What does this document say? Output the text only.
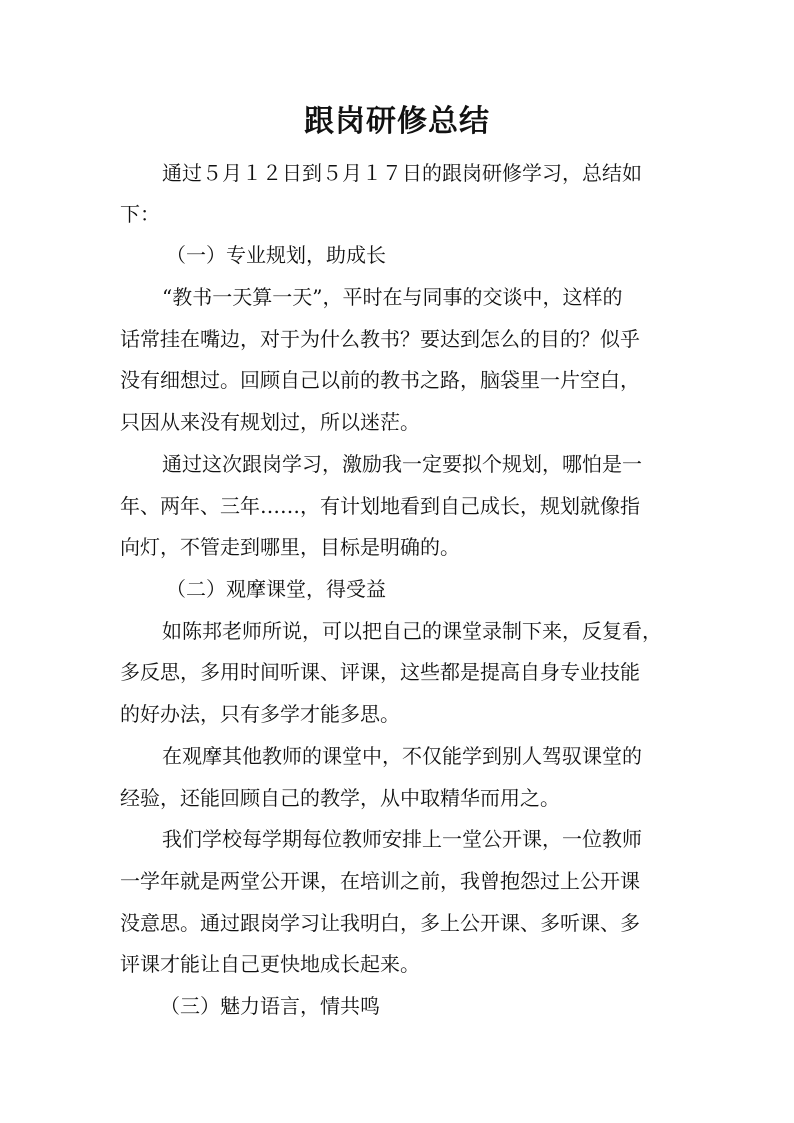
跟岗研修总结
通过５月１２日到５月１７日的跟岗研修学习，总结如
下：
（一）专业规划，助成长
“教书一天算一天”，平时在与同事的交谈中，这样的
话常挂在嘴边，对于为什么教书？要达到怎么的目的？似乎
没有细想过。回顾自己以前的教书之路，脑袋里一片空白，
只因从来没有规划过，所以迷茫。
通过这次跟岗学习，激励我一定要拟个规划，哪怕是一
年、两年、三年……，有计划地看到自己成长，规划就像指
向灯，不管走到哪里，目标是明确的。
（二）观摩课堂，得受益
如陈邦老师所说，可以把自己的课堂录制下来，反复看，
多反思，多用时间听课、评课，这些都是提高自身专业技能
的好办法，只有多学才能多思。
在观摩其他教师的课堂中，不仅能学到别人驾驭课堂的
经验，还能回顾自己的教学，从中取精华而用之。
我们学校每学期每位教师安排上一堂公开课，一位教师
一学年就是两堂公开课，在培训之前，我曾抱怨过上公开课
没意思。通过跟岗学习让我明白，多上公开课、多听课、多
评课才能让自己更快地成长起来。
（三）魅力语言，情共鸣
